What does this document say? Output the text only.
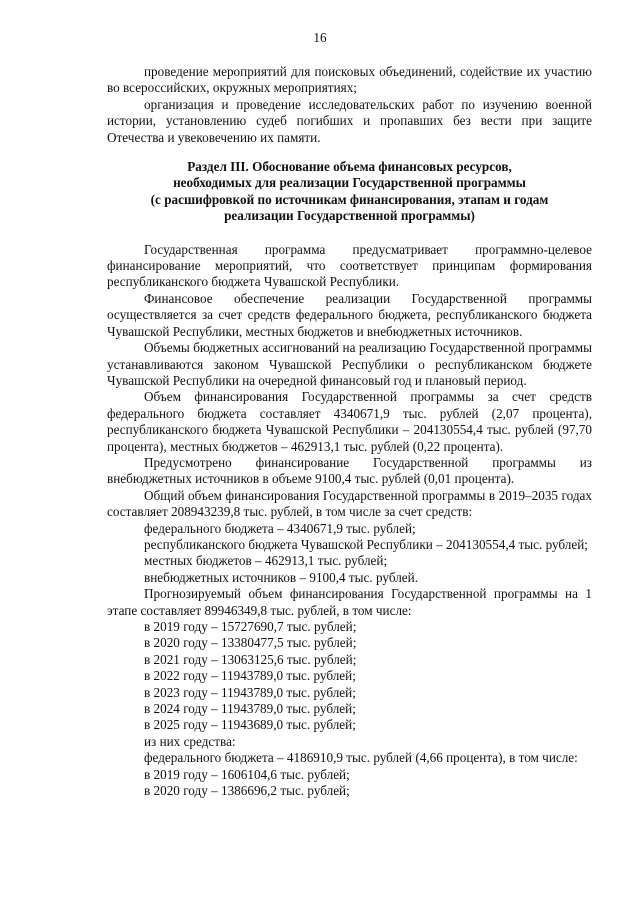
16

проведение мероприятий для поисковых объединений, содействие их участию во всероссийских, окружных мероприятиях;

организация и проведение исследовательских работ по изучению военной истории, установлению судеб погибших и пропавших без вести при защите Отечества и увековечению их памяти.

Раздел III. Обоснование объема финансовых ресурсов,
необходимых для реализации Государственной программы
(с расшифровкой по источникам финансирования, этапам и годам
реализации Государственной программы)

Государственная программа предусматривает программно-целевое финансирование мероприятий, что соответствует принципам формирования республиканского бюджета Чувашской Республики.

Финансовое обеспечение реализации Государственной программы осуществляется за счет средств федерального бюджета, республиканского бюджета Чувашской Республики, местных бюджетов и внебюджетных источников.

Объемы бюджетных ассигнований на реализацию Государственной программы устанавливаются законом Чувашской Республики о республиканском бюджете Чувашской Республики на очередной финансовый год и плановый период.

Объем финансирования Государственной программы за счет средств федерального бюджета составляет 4340671,9 тыс. рублей (2,07 процента), республиканского бюджета Чувашской Республики – 204130554,4 тыс. рублей (97,70 процента), местных бюджетов – 462913,1 тыс. рублей (0,22 процента).

Предусмотрено финансирование Государственной программы из внебюджетных источников в объеме 9100,4 тыс. рублей (0,01 процента).

Общий объем финансирования Государственной программы в 2019–2035 годах составляет 208943239,8 тыс. рублей, в том числе за счет средств:

федерального бюджета – 4340671,9 тыс. рублей;

республиканского бюджета Чувашской Республики – 204130554,4 тыс. рублей;

местных бюджетов – 462913,1 тыс. рублей;

внебюджетных источников – 9100,4 тыс. рублей.

Прогнозируемый объем финансирования Государственной программы на 1 этапе составляет 89946349,8 тыс. рублей, в том числе:

в 2019 году – 15727690,7 тыс. рублей;

в 2020 году – 13380477,5 тыс. рублей;

в 2021 году – 13063125,6 тыс. рублей;

в 2022 году – 11943789,0 тыс. рублей;

в 2023 году – 11943789,0 тыс. рублей;

в 2024 году – 11943789,0 тыс. рублей;

в 2025 году – 11943689,0 тыс. рублей;

из них средства:

федерального бюджета – 4186910,9 тыс. рублей (4,66 процента), в том числе:

в 2019 году – 1606104,6 тыс. рублей;

в 2020 году – 1386696,2 тыс. рублей;
